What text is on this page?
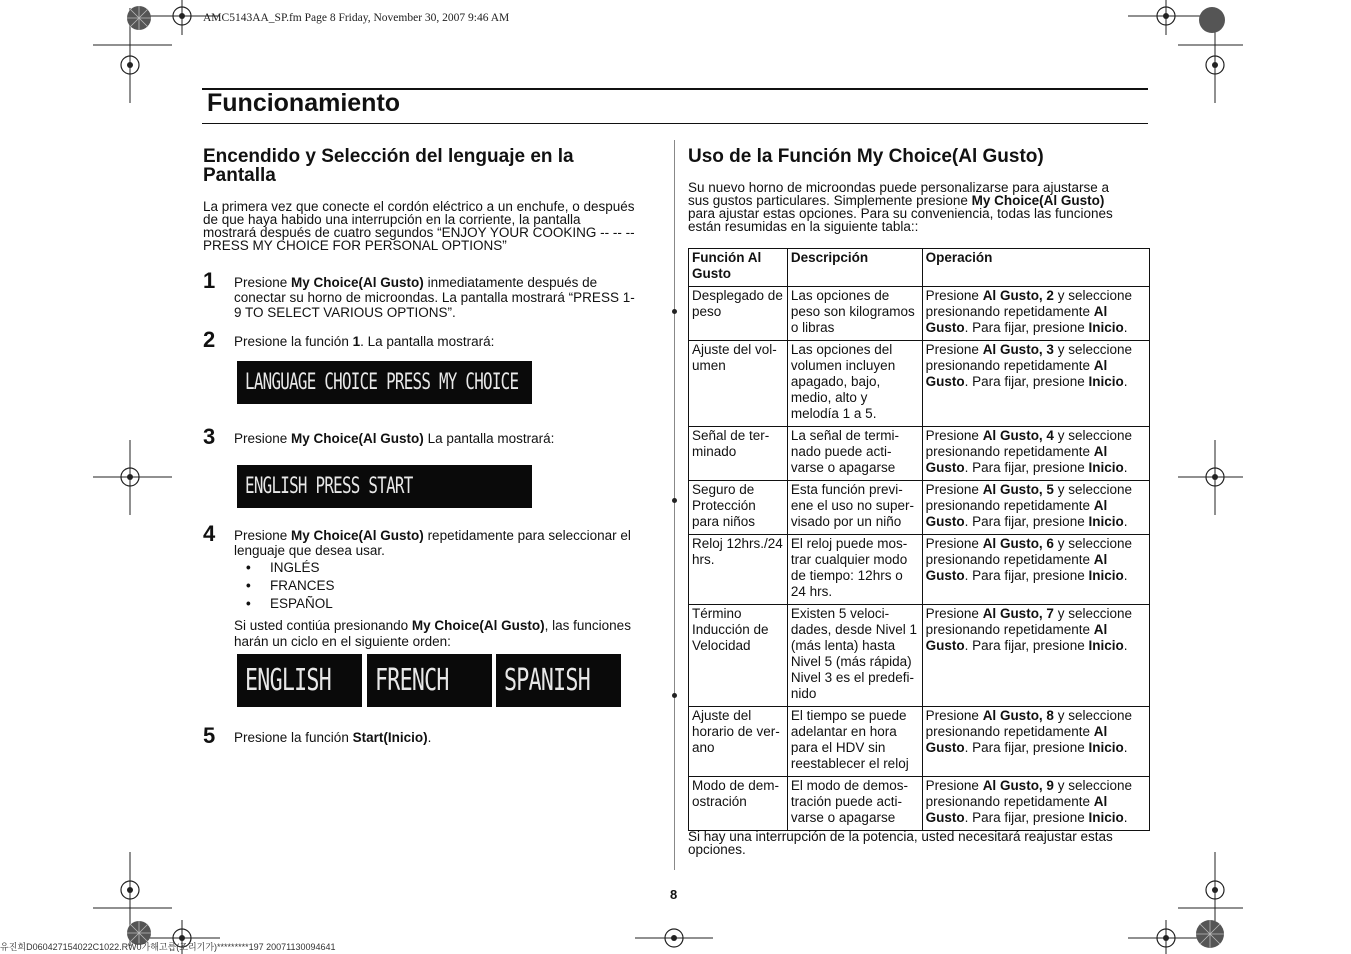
AMC5143AA_SP.fm Page 8 Friday, November 30, 2007 9:46 AM
Funcionamiento
Encendido y Selección del lenguaje en la Pantalla
La primera vez que conecte el cordón eléctrico a un enchufe, o después
de que haya habido una interrupción en la corriente, la pantalla
mostrará después de cuatro segundos “ENJOY YOUR COOKING -- -- --
PRESS MY CHOICE FOR PERSONAL OPTIONS”
1 Presione My Choice(Al Gusto) inmediatamente después de
conectar su horno de microondas. La pantalla mostrará “PRESS 1-
9 TO SELECT VARIOUS OPTIONS”.
2 Presione la función 1. La pantalla mostrará:
LANGUAGE CHOICE PRESS MY CHOICE
3 Presione My Choice(Al Gusto) La pantalla mostrará:
ENGLISH PRESS START
4 Presione My Choice(Al Gusto) repetidamente para seleccionar el
lenguaje que desea usar.
• INGLÉS
• FRANCES
• ESPAÑOL
Si usted contiúa presionando My Choice(Al Gusto), las funciones
harán un ciclo en el siguiente orden:
ENGLISH FRENCH SPANISH
5 Presione la función Start(Inicio).
Uso de la Función My Choice(Al Gusto)
Su nuevo horno de microondas puede personalizarse para ajustarse a
sus gustos particulares. Simplemente presione My Choice(Al Gusto)
para ajustar estas opciones. Para su conveniencia, todas las funciones
están resumidas en la siguiente tabla::
Función Al Gusto	Descripción	Operación
Desplegado de peso	Las opciones de peso son kilogramos o libras	Presione Al Gusto, 2 y seleccione presionando repetidamente Al Gusto. Para fijar, presione Inicio.
Ajuste del vol-umen	Las opciones del volumen incluyen apagado, bajo, medio, alto y melodía 1 a 5.	Presione Al Gusto, 3 y seleccione presionando repetidamente Al Gusto. Para fijar, presione Inicio.
Señal de ter-minado	La señal de termi-nado puede acti-varse o apagarse	Presione Al Gusto, 4 y seleccione presionando repetidamente Al Gusto. Para fijar, presione Inicio.
Seguro de Protección para niños	Esta función previ-ene el uso no super-visado por un niño	Presione Al Gusto, 5 y seleccione presionando repetidamente Al Gusto. Para fijar, presione Inicio.
Reloj 12hrs./24 hrs.	El reloj puede mos-trar cualquier modo de tiempo: 12hrs o 24 hrs.	Presione Al Gusto, 6 y seleccione presionando repetidamente Al Gusto. Para fijar, presione Inicio.
Término Inducción de Velocidad	Existen 5 veloci-dades, desde Nivel 1 (más lenta) hasta Nivel 5 (más rápida) Nivel 3 es el predefi-nido	Presione Al Gusto, 7 y seleccione presionando repetidamente Al Gusto. Para fijar, presione Inicio.
Ajuste del horario de ver-ano	El tiempo se puede adelantar en hora para el HDV sin reestablecer el reloj	Presione Al Gusto, 8 y seleccione presionando repetidamente Al Gusto. Para fijar, presione Inicio.
Modo de dem-ostración	El modo de demos-tración puede acti-varse o apagarse	Presione Al Gusto, 9 y seleccione presionando repetidamente Al Gusto. Para fijar, presione Inicio.
Si hay una interrupción de la potencia, usted necesitará reajustar estas
opciones.
8
유진희D060427154022C1022.RW0가해고릅(조리기가)*********197 20071130094641
